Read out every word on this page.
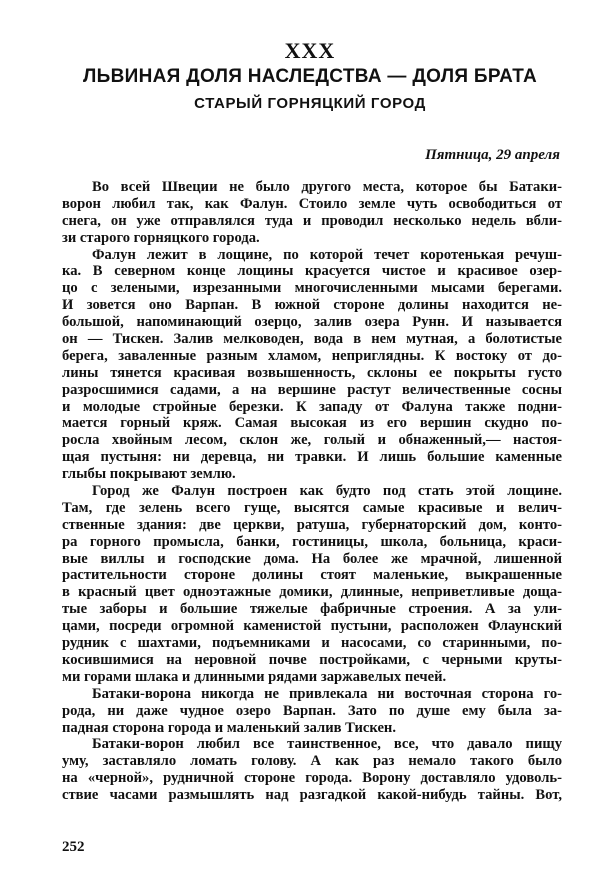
XXX
ЛЬВИНАЯ ДОЛЯ НАСЛЕДСТВА — ДОЛЯ БРАТА
СТАРЫЙ ГОРНЯЦКИЙ ГОРОД
Пятница, 29 апреля
Во всей Швеции не было другого места, которое бы Батаки-
ворон любил так, как Фалун. Стоило земле чуть освободиться от
снега, он уже отправлялся туда и проводил несколько недель вбли-
зи старого горняцкого города.
Фалун лежит в лощине, по которой течет коротенькая речуш-
ка. В северном конце лощины красуется чистое и красивое озер-
цо с зелеными, изрезанными многочисленными мысами берегами.
И зовется оно Варпан. В южной стороне долины находится не-
большой, напоминающий озерцо, залив озера Рунн. И называется
он — Тискен. Залив мелководен, вода в нем мутная, а болотистые
берега, заваленные разным хламом, неприглядны. К востоку от до-
лины тянется красивая возвышенность, склоны ее покрыты густо
разросшимися садами, а на вершине растут величественные сосны
и молодые стройные березки. К западу от Фалуна также подни-
мается горный кряж. Самая высокая из его вершин скудно по-
росла хвойным лесом, склон же, голый и обнаженный,— настоя-
щая пустыня: ни деревца, ни травки. И лишь большие каменные
глыбы покрывают землю.
Город же Фалун построен как будто под стать этой лощине.
Там, где зелень всего гуще, высятся самые красивые и велич-
ственные здания: две церкви, ратуша, губернаторский дом, конто-
ра горного промысла, банки, гостиницы, школа, больница, краси-
вые виллы и господские дома. На более же мрачной, лишенной
растительности стороне долины стоят маленькие, выкрашенные
в красный цвет одноэтажные домики, длинные, неприветливые доща-
тые заборы и большие тяжелые фабричные строения. А за ули-
цами, посреди огромной каменистой пустыни, расположен Флаунский
рудник с шахтами, подъемниками и насосами, со старинными, по-
косившимися на неровной почве постройками, с черными круты-
ми горами шлака и длинными рядами заржавелых печей.
Батаки-ворона никогда не привлекала ни восточная сторона го-
рода, ни даже чудное озеро Варпан. Зато по душе ему была за-
падная сторона города и маленький залив Тискен.
Батаки-ворон любил все таинственное, все, что давало пищу
уму, заставляло ломать голову. А как раз немало такого было
на «черной», рудничной стороне города. Ворону доставляло удоволь-
ствие часами размышлять над разгадкой какой-нибудь тайны. Вот,
252
